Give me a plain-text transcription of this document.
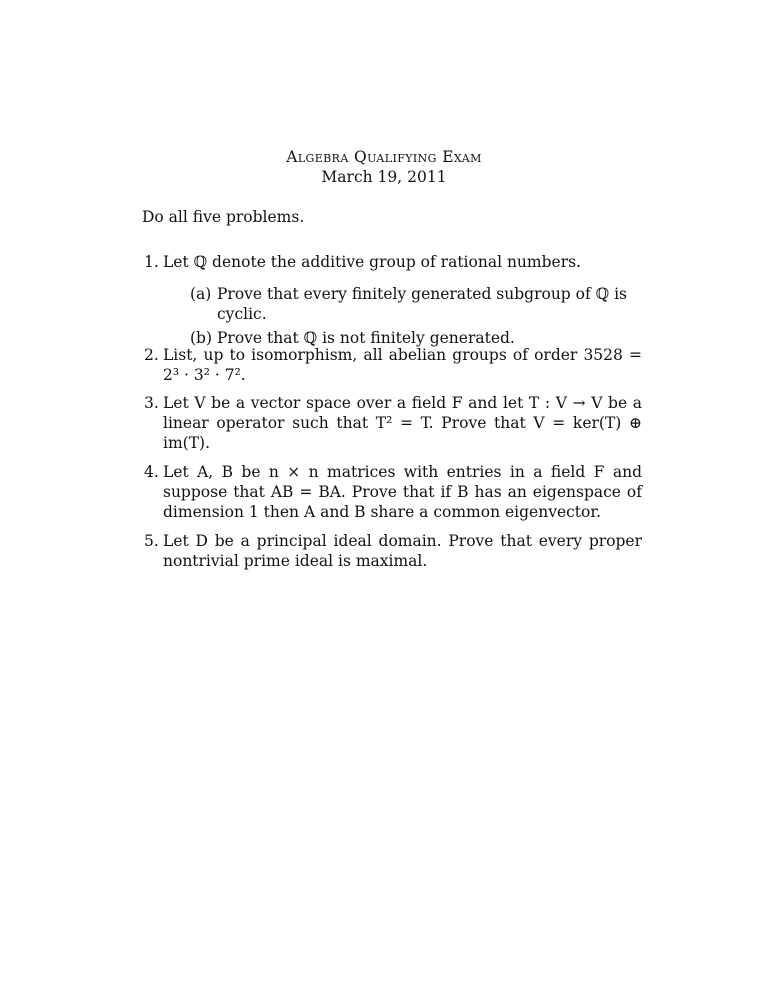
Algebra Qualifying Exam
March 19, 2011
Do all five problems.
1. Let ℚ denote the additive group of rational numbers.
(a) Prove that every finitely generated subgroup of ℚ is cyclic.
(b) Prove that ℚ is not finitely generated.
2. List, up to isomorphism, all abelian groups of order 3528 = 2³ · 3² · 7².
3. Let V be a vector space over a field F and let T : V → V be a linear operator such that T² = T. Prove that V = ker(T) ⊕ im(T).
4. Let A, B be n × n matrices with entries in a field F and suppose that AB = BA. Prove that if B has an eigenspace of dimension 1 then A and B share a common eigenvector.
5. Let D be a principal ideal domain. Prove that every proper nontrivial prime ideal is maximal.
